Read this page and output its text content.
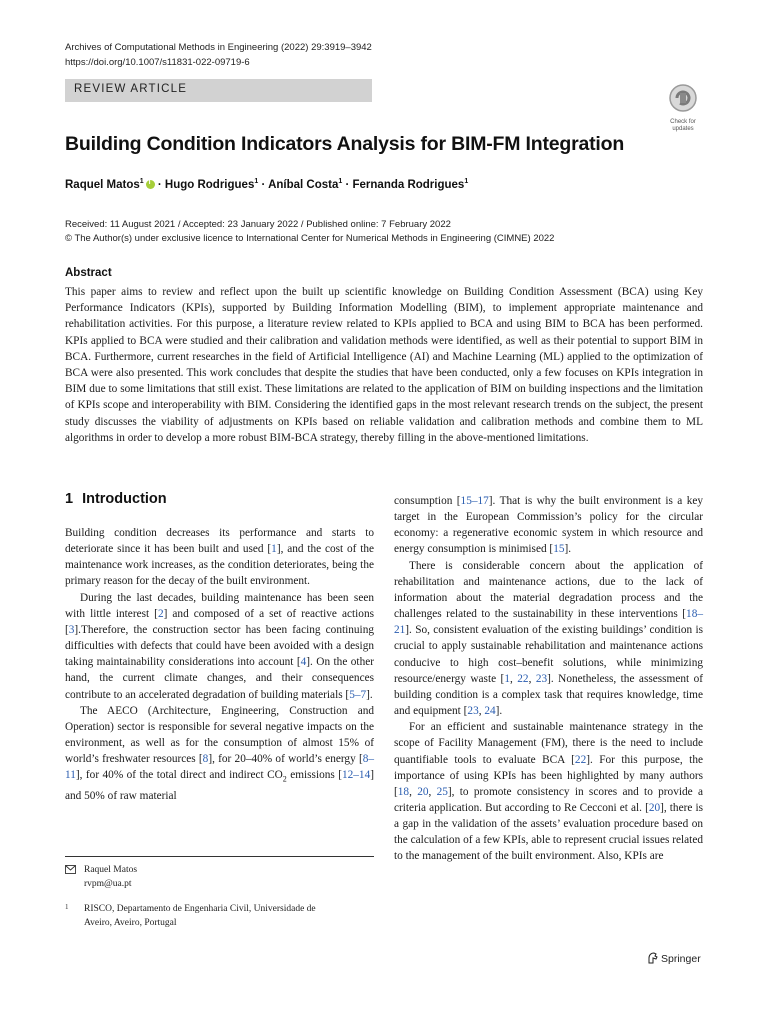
Archives of Computational Methods in Engineering (2022) 29:3919–3942
https://doi.org/10.1007/s11831-022-09719-6
REVIEW ARTICLE
Check for
updates
Building Condition Indicators Analysis for BIM-FM Integration
Raquel Matos$^1$i · Hugo Rodrigues$^1$ · Aníbal Costa$^1$ · Fernanda Rodrigues$^1$
Received: 11 August 2021 / Accepted: 23 January 2022 / Published online: 7 February 2022
© The Author(s) under exclusive licence to International Center for Numerical Methods in Engineering (CIMNE) 2022
Abstract
This paper aims to review and reflect upon the built up scientific knowledge on Building Condition Assessment (BCA) using Key Performance Indicators (KPIs), supported by Building Information Modelling (BIM), to implement appropriate maintenance and rehabilitation activities. For this purpose, a literature review related to KPIs applied to BCA and using BIM to BCA has been performed. KPIs applied to BCA were studied and their calibration and validation methods were identified, as well as their potential to support BIM in BCA. Furthermore, current researches in the field of Artificial Intelligence (AI) and Machine Learning (ML) applied to the optimization of BCA were also presented. This work concludes that despite the studies that have been conducted, only a few focuses on KPIs integration in BIM due to some limitations that still exist. These limitations are related to the application of BIM on building inspections and the limitation of KPIs scope and interoperability with BIM. Considering the identified gaps in the most relevant research trends on the subject, the present study discusses the viability of adjustments on KPIs based on reliable validation and calibration methods and combine them to ML algorithms in order to develop a more robust BIM-BCA strategy, thereby filling in the above-mentioned limitations.
1 Introduction

Building condition decreases its performance and starts to deteriorate since it has been built and used [1], and the cost of the maintenance work increases, as the condition deteriorates, being the primary reason for the decay of the built environment.

During the last decades, building maintenance has been seen with little interest [2] and composed of a set of reactive actions [3].Therefore, the construction sector has been facing continuing difficulties with defects that could have been avoided with a design taking maintainability considerations into account [4]. On the other hand, the current climate changes, and their consequences contribute to an accelerated degradation of building materials [5–7].

The AECO (Architecture, Engineering, Construction and Operation) sector is responsible for several negative impacts on the environment, as well as for the consumption of almost 15% of world’s freshwater resources [8], for 20–40% of world’s energy [8–11], for 40% of the total direct and indirect $CO_2$ emissions [12–14] and 50% of raw material

consumption [15–17]. That is why the built environment is a key target in the European Commission’s policy for the circular economy: a regenerative economic system in which resource and energy consumption is minimised [15].

There is considerable concern about the application of rehabilitation and maintenance actions, due to the lack of information about the material degradation process and the challenges related to the sustainability in these interventions [18–21]. So, consistent evaluation of the existing buildings’ condition is crucial to apply sustainable rehabilitation and maintenance actions conducive to high cost–benefit solutions, while minimizing resource/energy waste [1, 22, 23]. Nonetheless, the assessment of building condition is a complex task that requires knowledge, time and equipment [23, 24].

For an efficient and sustainable maintenance strategy in the scope of Facility Management (FM), there is the need to include quantifiable tools to evaluate BCA [22]. For this purpose, the importance of using KPIs has been highlighted by many authors [18, 20, 25], to promote consistency in scores and to provide a criteria application. But according to Re Cecconi et al. [20], there is a gap in the validation of the assets’ evaluation procedure based on the calculation of a few KPIs, able to represent crucial issues related to the management of the built environment. Also, KPIs are

Raquel Matos
rvpm@ua.pt
1 RISCO, Departamento de Engenharia Civil, Universidade de
Aveiro, Aveiro, Portugal
Springer
